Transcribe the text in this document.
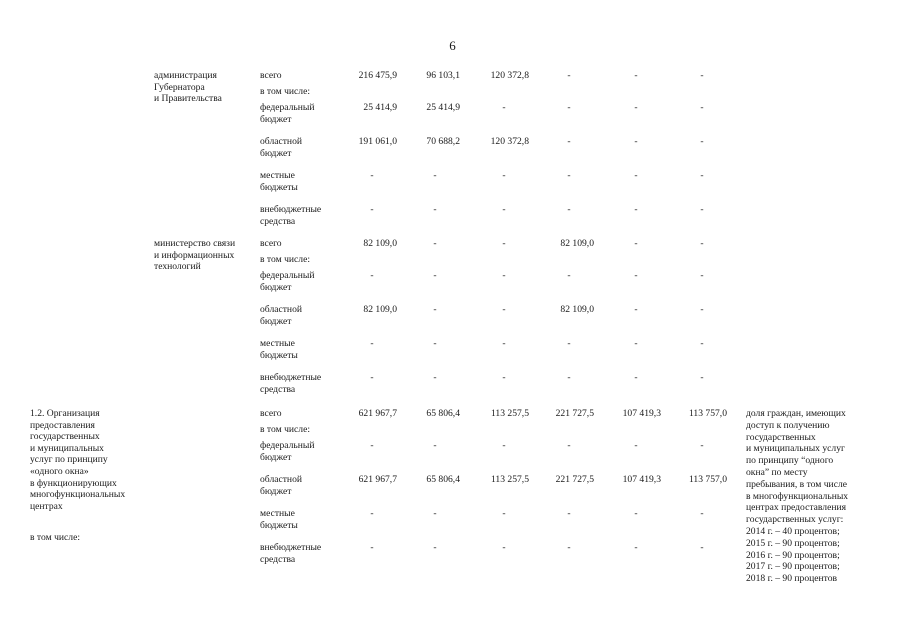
6
администрация
Губернатора
и Правительства
всего	216 475,9	96 103,1	120 372,8	-	-	-
в том числе:
федеральный
бюджет
25 414,9	25 414,9	-	-	-	-
областной
бюджет
191 061,0	70 688,2	120 372,8	-	-	-
местные
бюджеты
-	-	-	-	-	-
внебюджетные
средства
-	-	-	-	-	-
министерство связи
и информационных
технологий
всего	82 109,0	-	-	82 109,0	-	-
в том числе:
федеральный
бюджет
-	-	-	-	-	-
областной
бюджет
82 109,0	-	-	82 109,0	-	-
местные
бюджеты
-	-	-	-	-	-
внебюджетные
средства
-	-	-	-	-	-
1.2. Организация
предоставления
государственных
и муниципальных
услуг по принципу
«одного окна»
в функционирующих
многофункциональных
центрах
в том числе:
всего	621 967,7	65 806,4	113 257,5	221 727,5	107 419,3	113 757,0
в том числе:
федеральный
бюджет
-	-	-	-	-	-
областной
бюджет
621 967,7	65 806,4	113 257,5	221 727,5	107 419,3	113 757,0
местные
бюджеты
-	-	-	-	-	-
внебюджетные
средства
-	-	-	-	-	-
доля граждан, имеющих
доступ к получению
государственных
и муниципальных услуг
по принципу “одного
окна” по месту
пребывания, в том числе
в многофункциональных
центрах предоставления
государственных услуг:
2014 г. – 40 процентов;
2015 г. – 90 процентов;
2016 г. – 90 процентов;
2017 г. – 90 процентов;
2018 г. – 90 процентов
